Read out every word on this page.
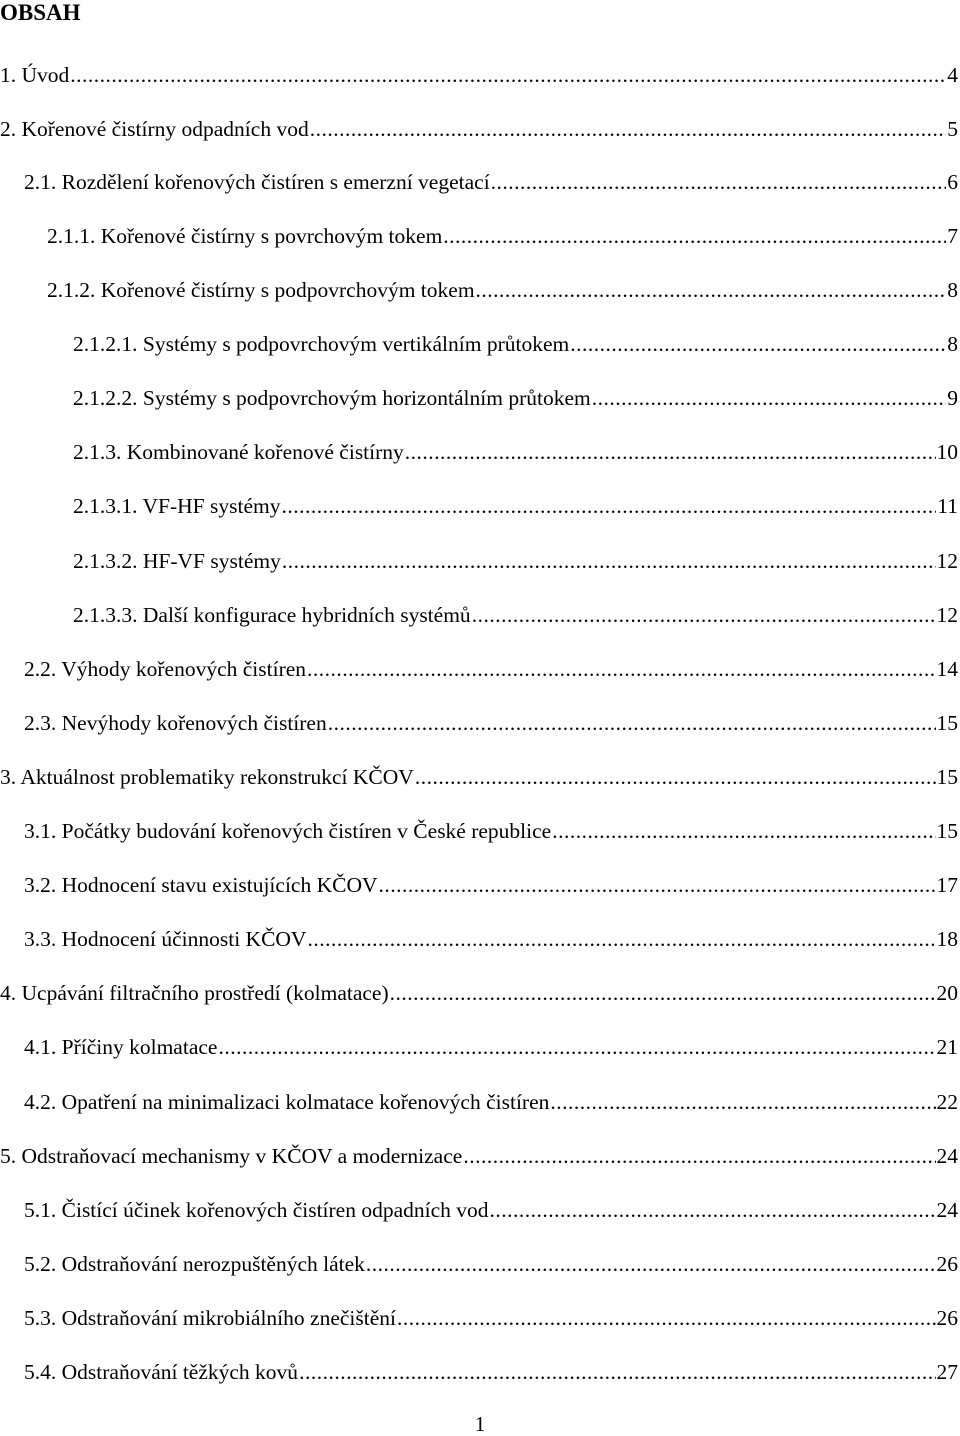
OBSAH
1. Úvod .....	4
2. Kořenové čistírny odpadních vod .....	5
2.1. Rozdělení kořenových čistíren s emerzní vegetací .....	6
2.1.1. Kořenové čistírny s povrchovým tokem .....	7
2.1.2. Kořenové čistírny s podpovrchovým tokem .....	8
2.1.2.1. Systémy s podpovrchovým vertikálním průtokem .....	8
2.1.2.2. Systémy s podpovrchovým horizontálním průtokem .....	9
2.1.3. Kombinované kořenové čistírny .....	10
2.1.3.1. VF-HF systémy .....	11
2.1.3.2. HF-VF systémy .....	12
2.1.3.3. Další konfigurace hybridních systémů .....	12
2.2. Výhody kořenových čistíren .....	14
2.3. Nevýhody kořenových čistíren .....	15
3. Aktuálnost problematiky rekonstrukcí KČOV .....	15
3.1. Počátky budování kořenových čistíren v České republice .....	15
3.2. Hodnocení stavu existujících KČOV .....	17
3.3. Hodnocení účinnosti KČOV .....	18
4. Ucpávání filtračního prostředí (kolmatace) .....	20
4.1. Příčiny kolmatace .....	21
4.2. Opatření na minimalizaci kolmatace kořenových čistíren .....	22
5. Odstraňovací mechanismy v KČOV a modernizace .....	24
5.1. Čistící účinek kořenových čistíren odpadních vod .....	24
5.2. Odstraňování nerozpuštěných látek .....	26
5.3. Odstraňování mikrobiálního znečištění .....	26
5.4. Odstraňování těžkých kovů .....	27
1
